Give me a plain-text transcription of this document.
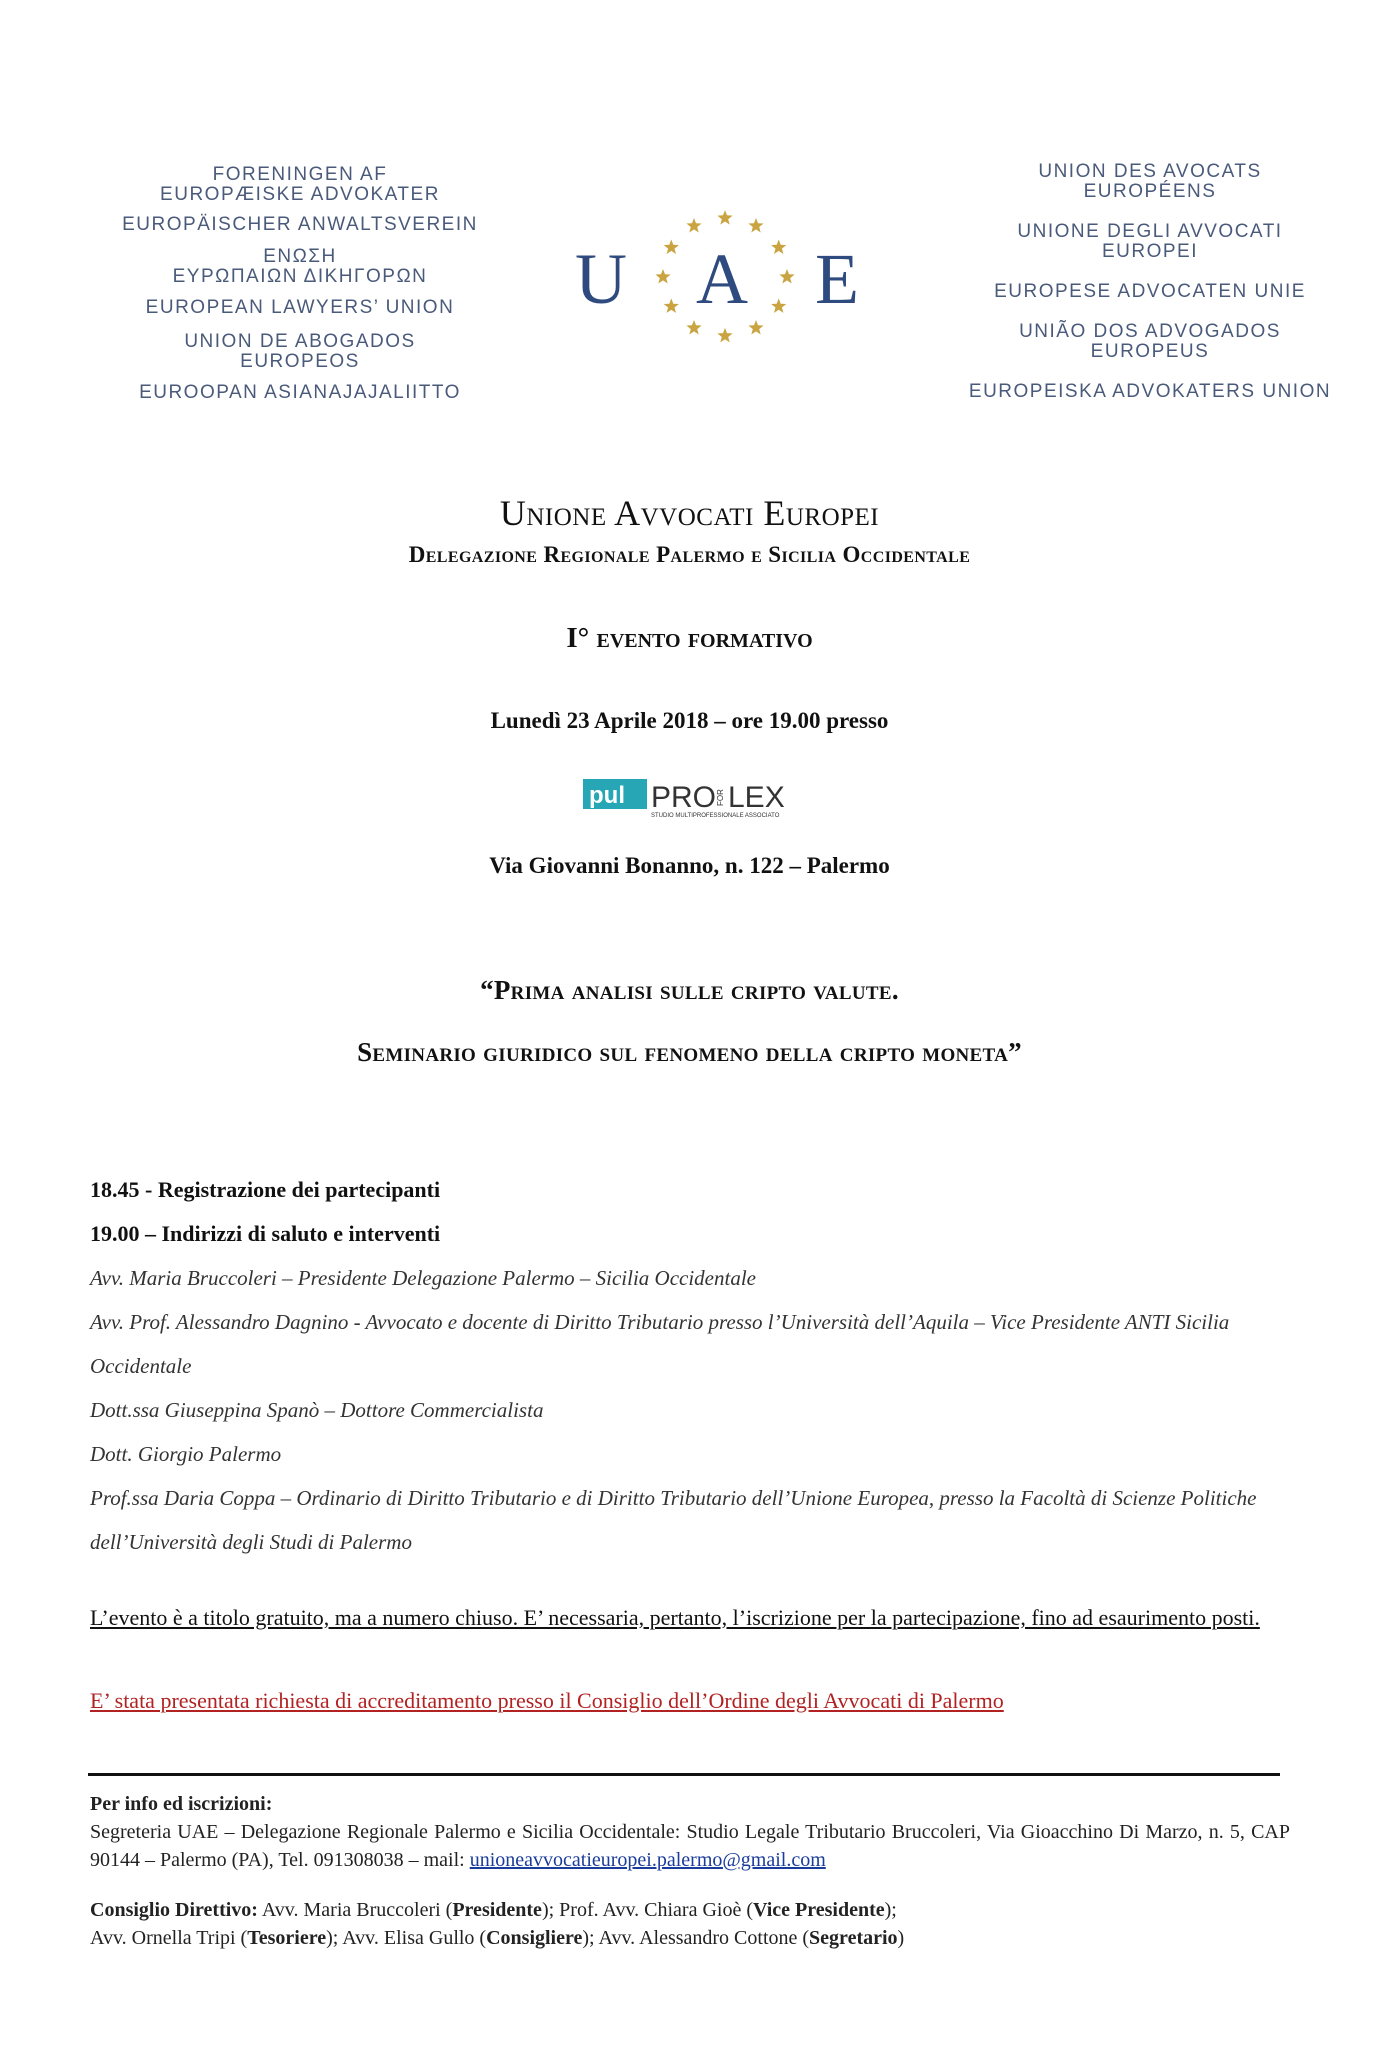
FORENINGEN AF
EUROPÆISKE ADVOKATER
EUROPÄISCHER ANWALTSVEREIN
ΕΝΩΣΗ
ΕΥΡΩΠΑΙΩΝ ΔΙΚΗΓΟΡΩΝ
EUROPEAN LAWYERS’ UNION
UNION DE ABOGADOS
EUROPEOS
EUROOPAN ASIANAJAJALIITTO
U A E
UNION DES AVOCATS
EUROPÉENS
UNIONE DEGLI AVVOCATI
EUROPEI
EUROPESE ADVOCATEN UNIE
UNIÃO DOS ADVOGADOS
EUROPEUS
EUROPEISKA ADVOKATERS UNION
Unione Avvocati Europei
Delegazione Regionale Palermo e Sicilia Occidentale
I° evento formativo
Lunedì 23 Aprile 2018 – ore 19.00 presso
pul PRO FOR LEX
STUDIO MULTIPROFESSIONALE ASSOCIATO
Via Giovanni Bonanno, n. 122 – Palermo
“Prima analisi sulle cripto valute.
Seminario giuridico sul fenomeno della cripto moneta”
18.45 - Registrazione dei partecipanti
19.00 – Indirizzi di saluto e interventi
Avv. Maria Bruccoleri – Presidente Delegazione Palermo – Sicilia Occidentale
Avv. Prof. Alessandro Dagnino - Avvocato e docente di Diritto Tributario presso l’Università dell’Aquila – Vice Presidente ANTI Sicilia Occidentale
Dott.ssa Giuseppina Spanò – Dottore Commercialista
Dott. Giorgio Palermo
Prof.ssa Daria Coppa – Ordinario di Diritto Tributario e di Diritto Tributario dell’Unione Europea, presso la Facoltà di Scienze Politiche dell’Università degli Studi di Palermo
L’evento è a titolo gratuito, ma a numero chiuso. E’ necessaria, pertanto, l’iscrizione per la partecipazione, fino ad esaurimento posti.
E’ stata presentata richiesta di accreditamento presso il Consiglio dell’Ordine degli Avvocati di Palermo
Per info ed iscrizioni:
Segreteria UAE – Delegazione Regionale Palermo e Sicilia Occidentale: Studio Legale Tributario Bruccoleri, Via Gioacchino Di Marzo, n. 5, CAP 90144 – Palermo (PA), Tel. 091308038 – mail: unioneavvocatieuropei.palermo@gmail.com
Consiglio Direttivo: Avv. Maria Bruccoleri (Presidente); Prof. Avv. Chiara Gioè (Vice Presidente);
Avv. Ornella Tripi (Tesoriere); Avv. Elisa Gullo (Consigliere); Avv. Alessandro Cottone (Segretario)
